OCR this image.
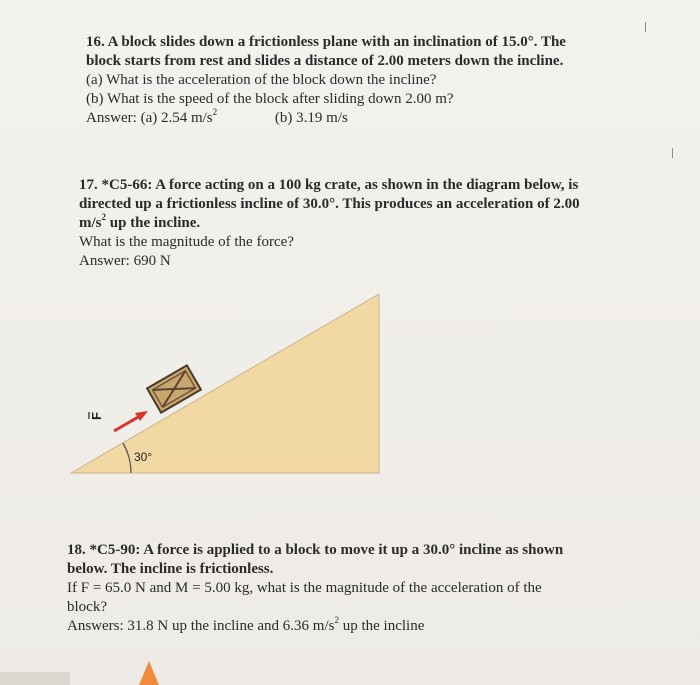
16. A block slides down a frictionless plane with an inclination of 15.0°. The
block starts from rest and slides a distance of 2.00 meters down the incline.
(a) What is the acceleration of the block down the incline?
(b) What is the speed of the block after sliding down 2.00 m?
Answer: (a) 2.54 $m/s^2$	(b) 3.19 m/s
17. *C5-66: A force acting on a 100 kg crate, as shown in the diagram below, is
directed up a frictionless incline of 30.0°. This produces an acceleration of 2.00
$m/s^2$ up the incline.
What is the magnitude of the force?
Answer: 690 N
30°
F
18. *C5-90: A force is applied to a block to move it up a 30.0° incline as shown
below. The incline is frictionless.
If F = 65.0 N and M = 5.00 kg, what is the magnitude of the acceleration of the
block?
Answers: 31.8 N up the incline and 6.36 $m/s^2$ up the incline
